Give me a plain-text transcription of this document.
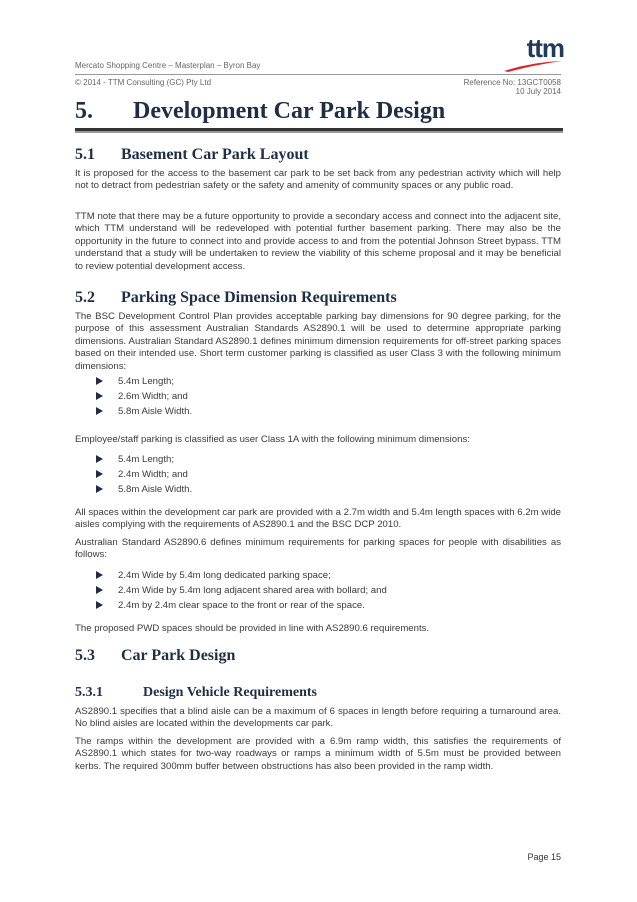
ttm
Mercato Shopping Centre – Masterplan – Byron Bay
© 2014 - TTM Consulting (GC) Pty Ltd	Reference No: 13GCT0058
10 July 2014
5. Development Car Park Design
5.1 Basement Car Park Layout
It is proposed for the access to the basement car park to be set back from any pedestrian activity which will help not to detract from pedestrian safety or the safety and amenity of community spaces or any public road.
TTM note that there may be a future opportunity to provide a secondary access and connect into the adjacent site, which TTM understand will be redeveloped with potential further basement parking. There may also be the opportunity in the future to connect into and provide access to and from the potential Johnson Street bypass. TTM understand that a study will be undertaken to review the viability of this scheme proposal and it may be beneficial to review potential development access.
5.2 Parking Space Dimension Requirements
The BSC Development Control Plan provides acceptable parking bay dimensions for 90 degree parking, for the purpose of this assessment Australian Standards AS2890.1 will be used to determine appropriate parking dimensions. Australian Standard AS2890.1 defines minimum dimension requirements for off-street parking spaces based on their intended use. Short term customer parking is classified as user Class 3 with the following minimum dimensions:
5.4m Length;
2.6m Width; and
5.8m Aisle Width.
Employee/staff parking is classified as user Class 1A with the following minimum dimensions:
5.4m Length;
2.4m Width; and
5.8m Aisle Width.
All spaces within the development car park are provided with a 2.7m width and 5.4m length spaces with 6.2m wide aisles complying with the requirements of AS2890.1 and the BSC DCP 2010.
Australian Standard AS2890.6 defines minimum requirements for parking spaces for people with disabilities as follows:
2.4m Wide by 5.4m long dedicated parking space;
2.4m Wide by 5.4m long adjacent shared area with bollard; and
2.4m by 2.4m clear space to the front or rear of the space.
The proposed PWD spaces should be provided in line with AS2890.6 requirements.
5.3 Car Park Design
5.3.1	Design Vehicle Requirements
AS2890.1 specifies that a blind aisle can be a maximum of 6 spaces in length before requiring a turnaround area. No blind aisles are located within the developments car park.
The ramps within the development are provided with a 6.9m ramp width, this satisfies the requirements of AS2890.1 which states for two-way roadways or ramps a minimum width of 5.5m must be provided between kerbs. The required 300mm buffer between obstructions has also been provided in the ramp width.
Page 15
